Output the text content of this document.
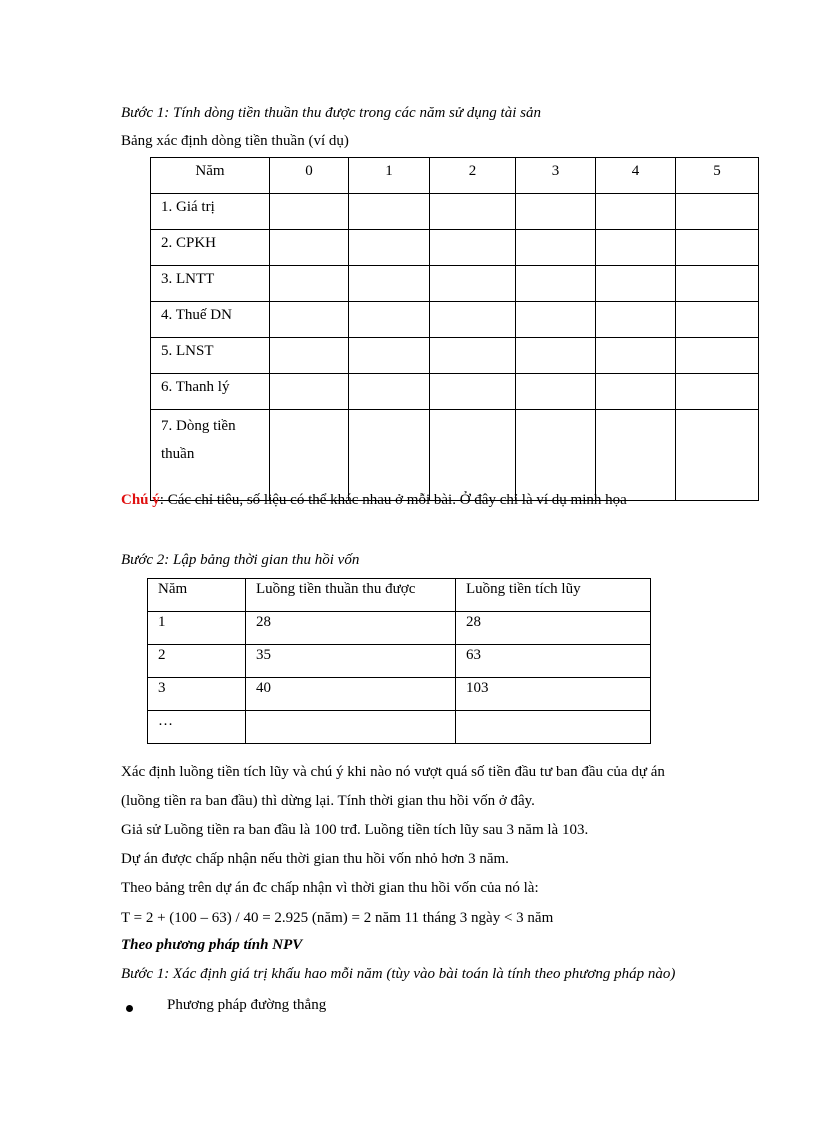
Bước 1: Tính dòng tiền thuần thu được trong các năm sử dụng tài sản
Bảng xác định dòng tiền thuần (ví dụ)
Năm	0	1	2	3	4	5
1. Giá trị						
2. CPKH						
3. LNTT						
4. Thuế DN						
5. LNST						
6. Thanh lý						
7. Dòng tiền thuần						
Chú ý: Các chỉ tiêu, số liệu có thể khác nhau ở mỗi bài. Ở đây chỉ là ví dụ minh họa
Bước 2: Lập bảng thời gian thu hồi vốn
Năm	Luồng tiền thuần thu được	Luồng tiền tích lũy
1	28	28
2	35	63
3	40	103
…		
Xác định luồng tiền tích lũy và chú ý khi nào nó vượt quá số tiền đầu tư ban đầu của dự án
(luồng tiền ra ban đầu) thì dừng lại. Tính thời gian thu hồi vốn ở đây.
Giả sử Luồng tiền ra ban đầu là 100 trđ. Luồng tiền tích lũy sau 3 năm là 103.
Dự án được chấp nhận nếu thời gian thu hồi vốn nhỏ hơn 3 năm.
Theo bảng trên dự án đc chấp nhận vì thời gian thu hồi vốn của nó là:
T = 2 + (100 – 63) / 40 = 2.925 (năm) = 2 năm 11 tháng 3 ngày < 3 năm
Theo phương pháp tính NPV
Bước 1: Xác định giá trị khấu hao mỗi năm (tùy vào bài toán là tính theo phương pháp nào)
Phương pháp đường thẳng
